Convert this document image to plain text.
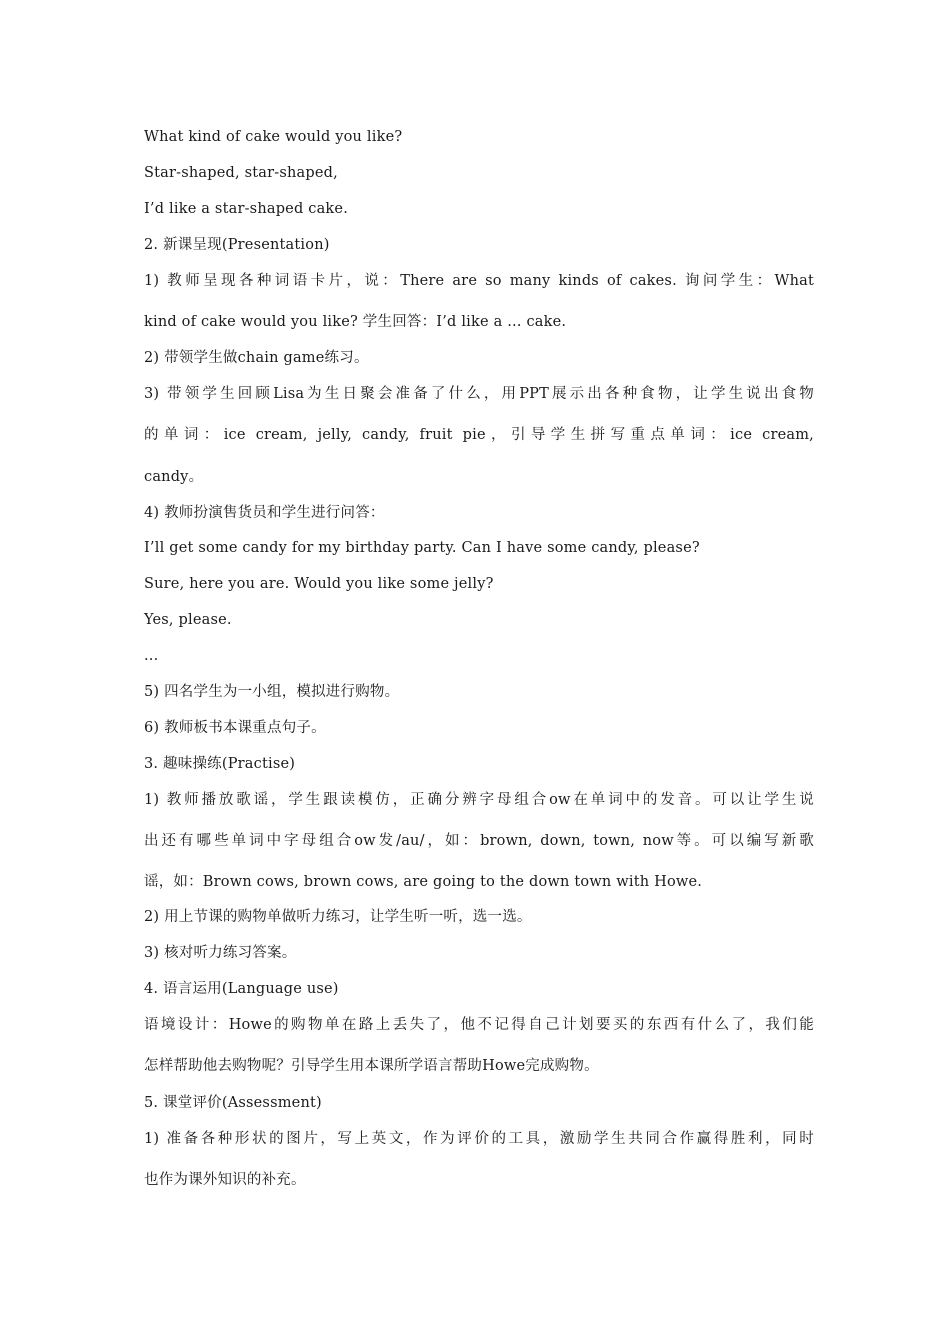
What kind of cake would you like?
Star-shaped, star-shaped,
I’d like a star-shaped cake.
2. 新课呈现(Presentation)
1) 教师呈现各种词语卡片，说：There are so many kinds of cakes. 询问学生：What
kind of cake would you like? 学生回答：I’d like a ... cake.
2) 带领学生做chain game练习。
3) 带领学生回顾Lisa为生日聚会准备了什么，用PPT展示出各种食物，让学生说出食物
的单词：ice cream, jelly, candy, fruit pie，引导学生拼写重点单词：ice cream,
candy。
4) 教师扮演售货员和学生进行问答：
I’ll get some candy for my birthday party. Can I have some candy, please?
Sure, here you are. Would you like some jelly?
Yes, please.
...
5) 四名学生为一小组，模拟进行购物。
6) 教师板书本课重点句子。
3. 趣味操练(Practise)
1) 教师播放歌谣，学生跟读模仿，正确分辨字母组合ow在单词中的发音。可以让学生说
出还有哪些单词中字母组合ow发/au/，如：brown, down, town, now等。可以编写新歌
谣，如：Brown cows, brown cows, are going to the down town with Howe.
2) 用上节课的购物单做听力练习，让学生听一听，选一选。
3) 核对听力练习答案。
4. 语言运用(Language use)
语境设计：Howe的购物单在路上丢失了，他不记得自己计划要买的东西有什么了，我们能
怎样帮助他去购物呢？引导学生用本课所学语言帮助Howe完成购物。
5. 课堂评价(Assessment)
1) 准备各种形状的图片，写上英文，作为评价的工具，激励学生共同合作赢得胜利，同时
也作为课外知识的补充。
